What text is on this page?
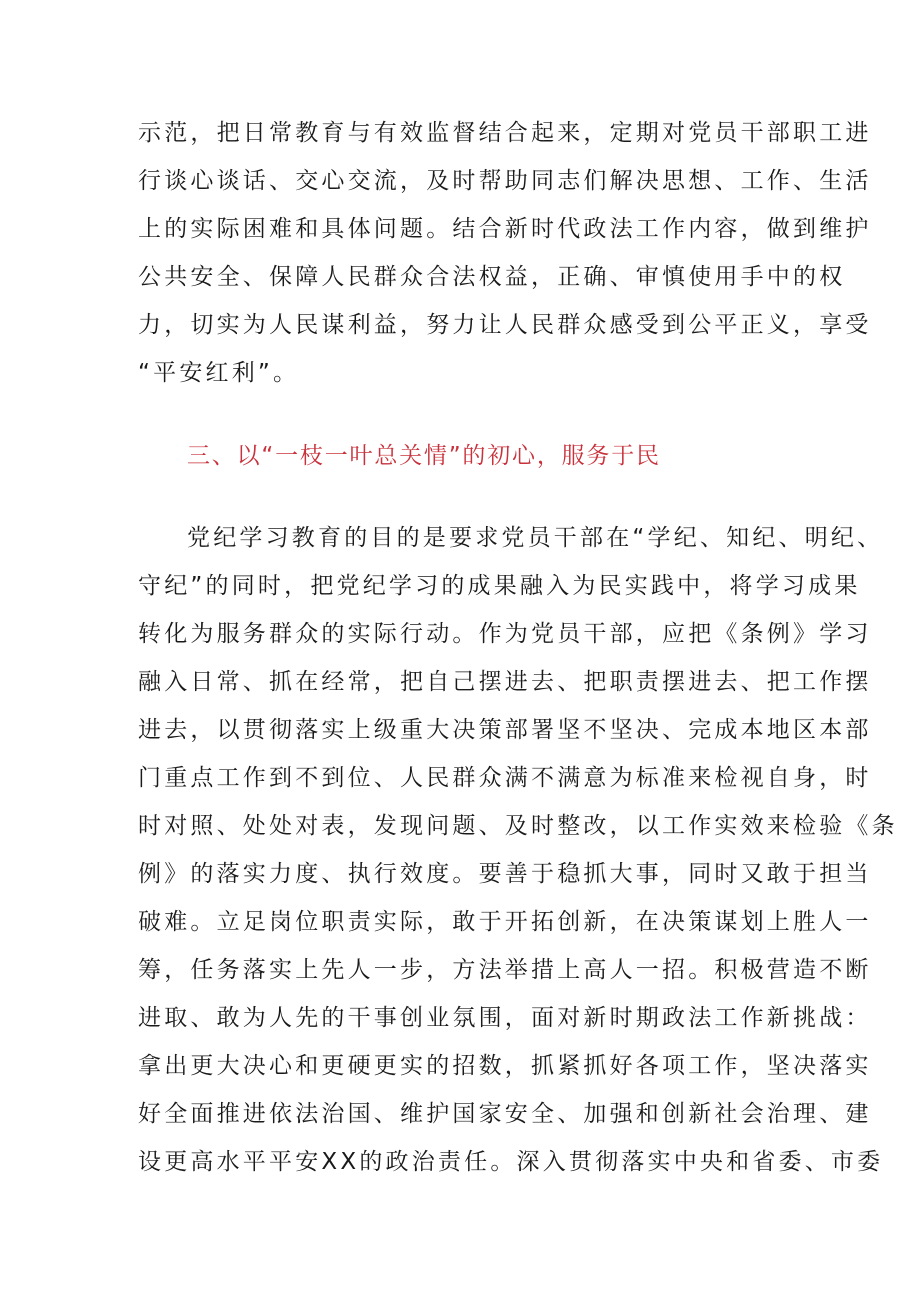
示范，把日常教育与有效监督结合起来，定期对党员干部职工进
行谈心谈话、交心交流，及时帮助同志们解决思想、工作、生活
上的实际困难和具体问题。结合新时代政法工作内容，做到维护
公共安全、保障人民群众合法权益，正确、审慎使用手中的权
力，切实为人民谋利益，努力让人民群众感受到公平正义，享受
“平安红利”。
三、以“一枝一叶总关情”的初心，服务于民
党纪学习教育的目的是要求党员干部在“学纪、知纪、明纪、
守纪”的同时，把党纪学习的成果融入为民实践中，将学习成果
转化为服务群众的实际行动。作为党员干部，应把《条例》学习
融入日常、抓在经常，把自己摆进去、把职责摆进去、把工作摆
进去，以贯彻落实上级重大决策部署坚不坚决、完成本地区本部
门重点工作到不到位、人民群众满不满意为标准来检视自身，时
时对照、处处对表，发现问题、及时整改，以工作实效来检验《条
例》的落实力度、执行效度。要善于稳抓大事，同时又敢于担当
破难。立足岗位职责实际，敢于开拓创新，在决策谋划上胜人一
筹，任务落实上先人一步，方法举措上高人一招。积极营造不断
进取、敢为人先的干事创业氛围，面对新时期政法工作新挑战：
拿出更大决心和更硬更实的招数，抓紧抓好各项工作，坚决落实
好全面推进依法治国、维护国家安全、加强和创新社会治理、建
设更高水平平安XX的政治责任。深入贯彻落实中央和省委、市委
